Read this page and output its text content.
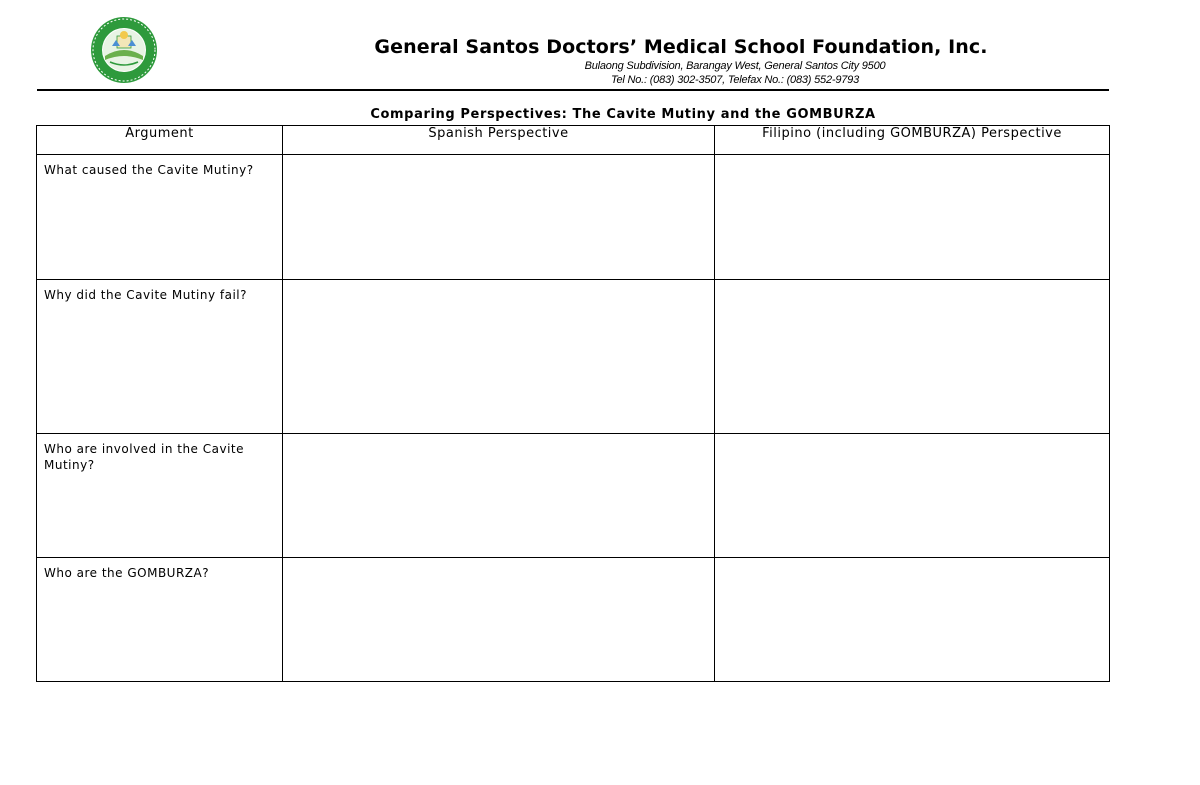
General Santos Doctors’ Medical School Foundation, Inc.
Bulaong Subdivision, Barangay West, General Santos City 9500
Tel No.: (083) 302-3507, Telefax No.: (083) 552-9793
Comparing Perspectives: The Cavite Mutiny and the GOMBURZA
Argument	Spanish Perspective	Filipino (including GOMBURZA) Perspective
What caused the Cavite Mutiny?		
Why did the Cavite Mutiny fail?		
Who are involved in the Cavite Mutiny?		
Who are the GOMBURZA?		
